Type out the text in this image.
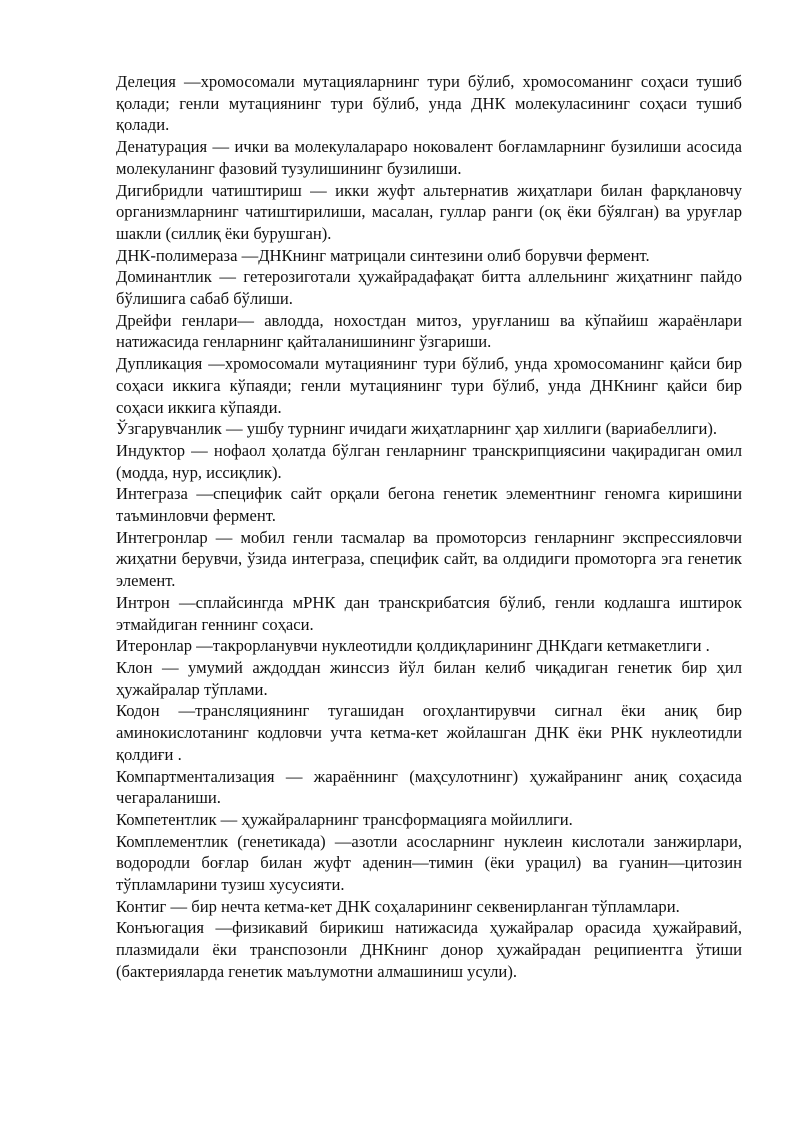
Делеция —хромосомали мутацияларнинг тури бўлиб, хромосоманинг соҳаси тушиб қолади; генли мутациянинг тури бўлиб, унда ДНК молекуласининг соҳаси тушиб қолади.

Денатурация — ички ва молекулалараро ноковалент боғламларнинг бузилиши асосида молекуланинг фазовий тузулишининг бузилиши.

Дигибридли чатиштириш — икки жуфт альтернатив жиҳатлари билан фарқлановчу организмларнинг чатиштирилиши, масалан, гуллар ранги (оқ ёки бўялган) ва уруғлар шакли (силлиқ ёки бурушган).

ДНК-полимераза —ДНКнинг матрицали синтезини олиб борувчи фермент.

Доминантлик — гетерозиготали ҳужайрадафақат битта аллельнинг жиҳатнинг пайдо бўлишига сабаб бўлиши.

Дрейфи генлари— авлодда, нохостдан митоз, уруғланиш ва кўпайиш жараёнлари натижасида генларнинг қайталанишининг ўзгариши.

Дупликация —хромосомали мутациянинг тури бўлиб, унда хромосоманинг қайси бир соҳаси иккига кўпаяди; генли мутациянинг тури бўлиб, унда ДНКнинг қайси бир соҳаси иккига кўпаяди.

Ўзгарувчанлик — ушбу турнинг ичидаги жиҳатларнинг ҳар хиллиги (вариабеллиги).

Индуктор — нофаол ҳолатда бўлган генларнинг транскрипциясини чақирадиган омил (модда, нур, иссиқлик).

Интеграза —специфик сайт орқали бегона генетик элементнинг геномга киришини таъминловчи фермент.

Интегронлар — мобил генли тасмалар ва промоторсиз генларнинг экспрессияловчи жиҳатни берувчи, ўзида интеграза, специфик сайт, ва олдидиги промоторга эга генетик элемент.

Интрон —сплайсингда мРНК дан транскрибатсия бўлиб, генли кодлашга иштирок этмайдиган геннинг соҳаси.

Итеронлар —такрорланувчи нуклеотидли қолдиқларининг ДНКдаги кетмакетлиги .

Клон — умумий аждоддан жинссиз йўл билан келиб чиқадиган генетик бир ҳил ҳужайралар тўплами.

Кодон —трансляциянинг тугашидан огоҳлантирувчи сигнал ёки аниқ бир аминокислотанинг кодловчи учта кетма-кет жойлашган ДНК ёки РНК нуклеотидли қолдиғи .

Компартментализация — жараённинг (маҳсулотнинг) ҳужайранинг аниқ соҳасида чегараланиши.

Компетентлик — ҳужайраларнинг трансформацияга мойиллиги.

Комплементлик (генетикада) —азотли асосларнинг нуклеин кислотали занжирлари, водородли боғлар билан жуфт аденин—тимин (ёки урацил) ва гуанин—цитозин тўпламларини тузиш хусусияти.

Контиг — бир нечта кетма-кет ДНК соҳаларининг секвенирланган тўпламлари.

Конъюгация —физикавий бирикиш натижасида ҳужайралар орасида ҳужайравий, плазмидали ёки транспозонли ДНКнинг донор ҳужайрадан реципиентга ўтиши (бактерияларда генетик маълумотни алмашиниш усули).
